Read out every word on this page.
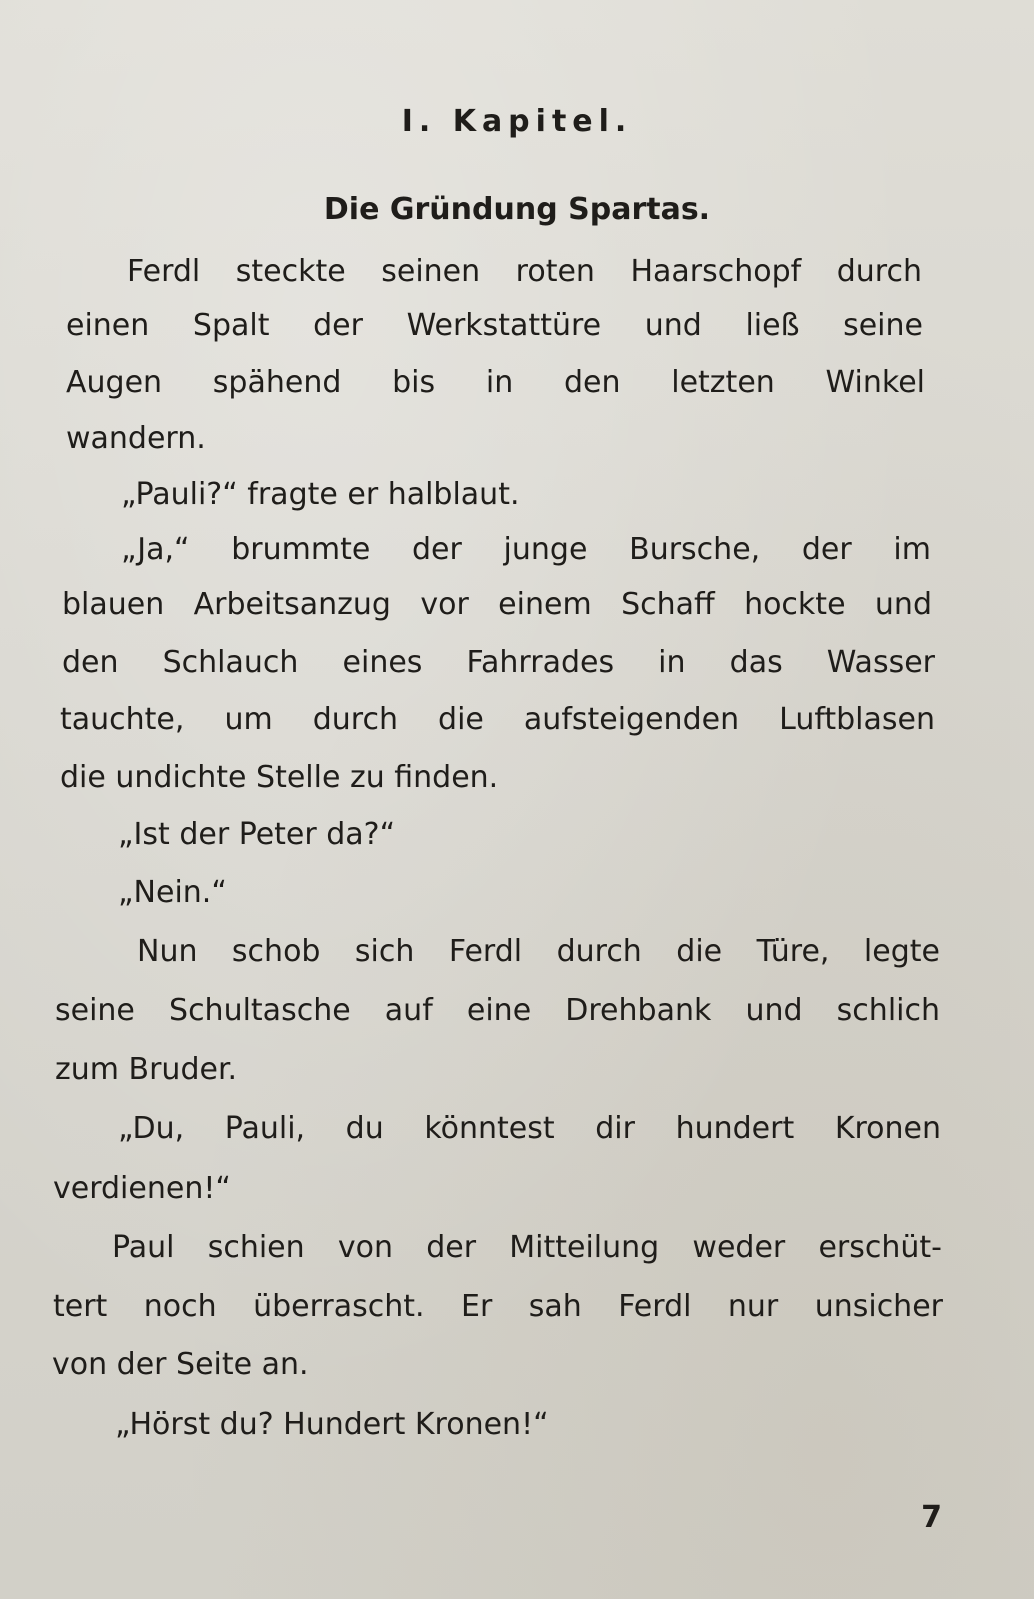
I. Kapitel.
Die Gründung Spartas.

Ferdl steckte seinen roten Haarschopf durch

einen Spalt der Werkstattüre und ließ seine

Augen spähend bis in den letzten Winkel

wandern.

„Pauli?“ fragte er halblaut.

„Ja,“ brummte der junge Bursche, der im

blauen Arbeitsanzug vor einem Schaff hockte und

den Schlauch eines Fahrrades in das Wasser

tauchte, um durch die aufsteigenden Luftblasen

die undichte Stelle zu finden.

„Ist der Peter da?“

„Nein.“

Nun schob sich Ferdl durch die Türe, legte

seine Schultasche auf eine Drehbank und schlich

zum Bruder.

„Du, Pauli, du könntest dir hundert Kronen

verdienen!“

Paul schien von der Mitteilung weder erschüt-

tert noch überrascht. Er sah Ferdl nur unsicher

von der Seite an.

„Hörst du? Hundert Kronen!“

7
